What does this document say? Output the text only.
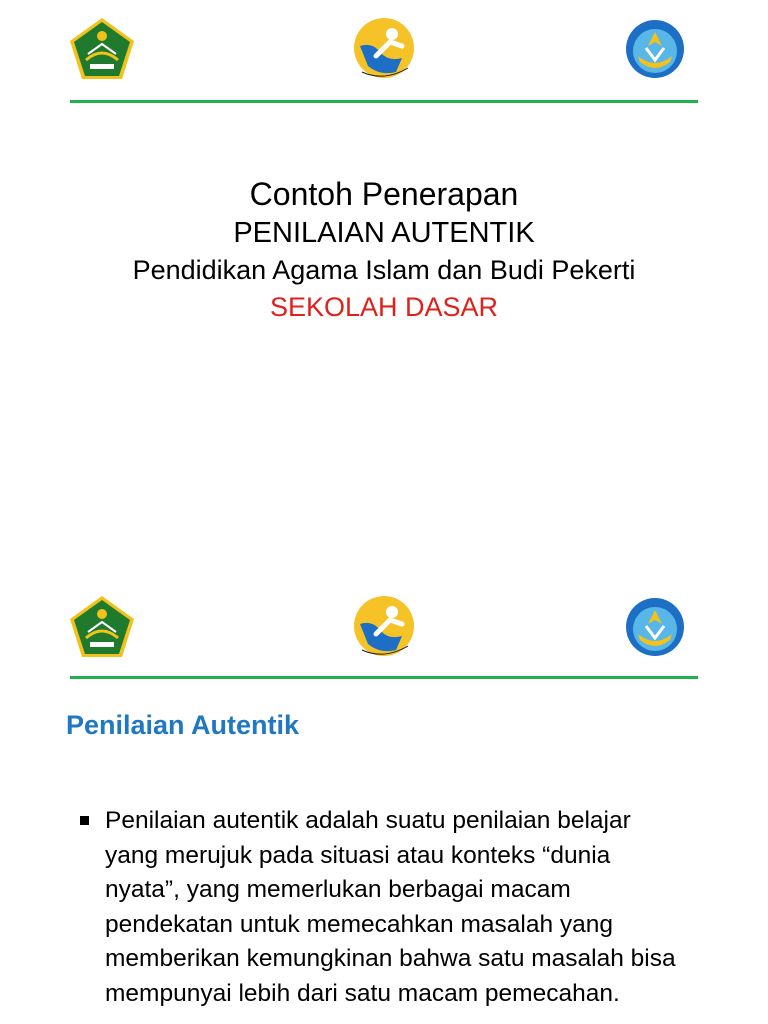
Contoh Penerapan
PENILAIAN AUTENTIK
Pendidikan Agama Islam dan Budi Pekerti
SEKOLAH DASAR
Penilaian Autentik
Penilaian autentik adalah suatu penilaian belajar
yang merujuk pada situasi atau konteks “dunia
nyata”, yang memerlukan berbagai macam
pendekatan untuk memecahkan masalah yang
memberikan kemungkinan bahwa satu masalah bisa
mempunyai lebih dari satu macam pemecahan.
